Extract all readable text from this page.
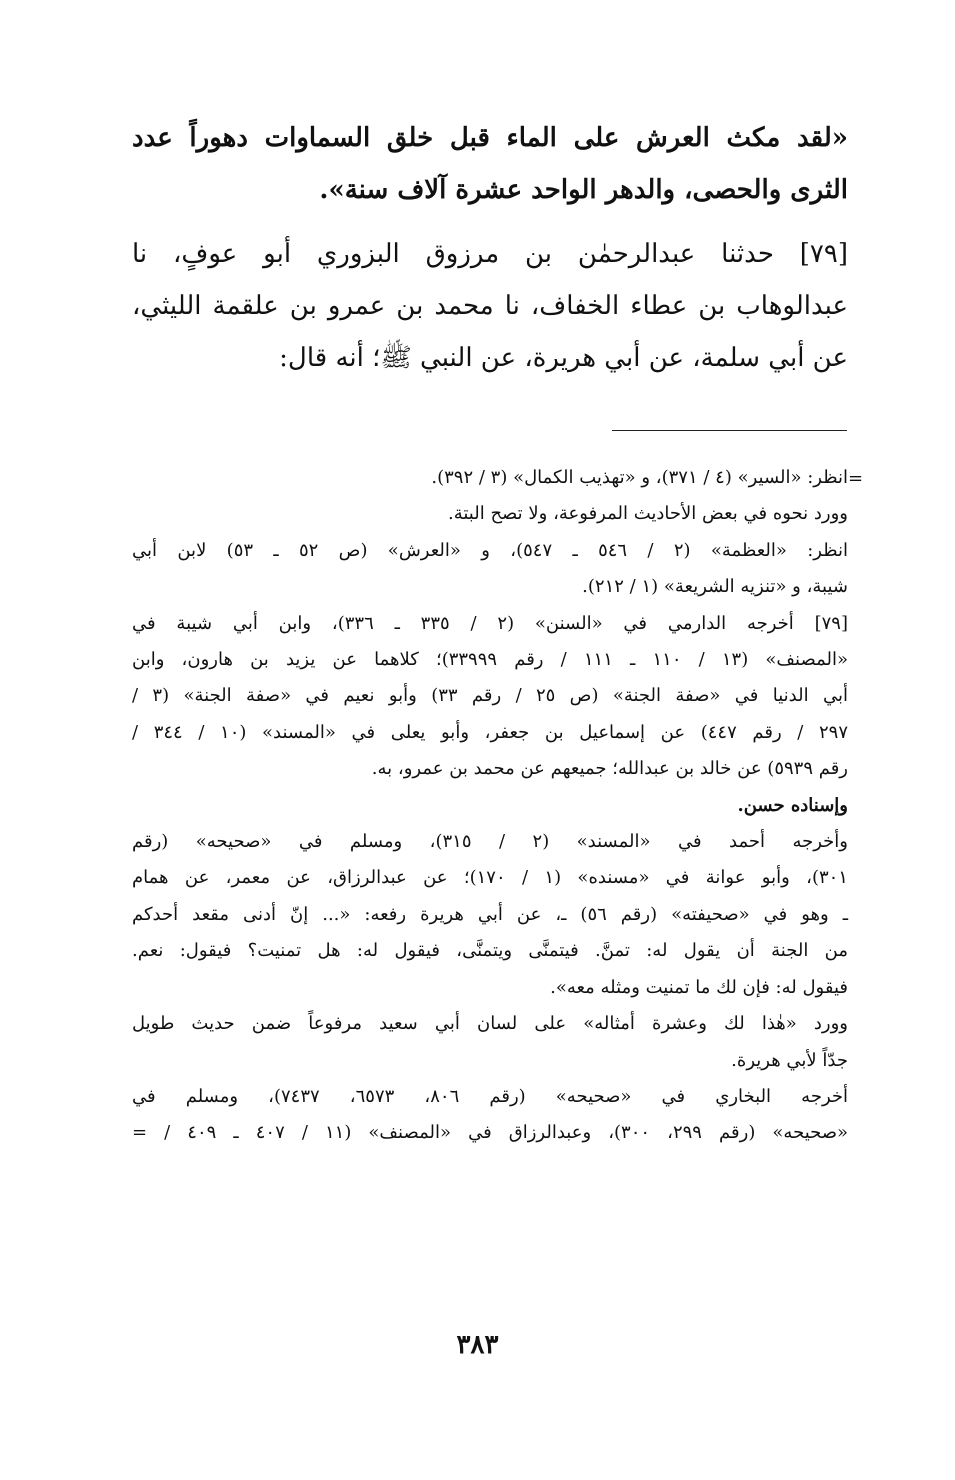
«لقد مكث العرش على الماء قبل خلق السماوات دهوراً عدد
الثرى والحصى، والدهر الواحد عشرة آلاف سنة».
[٧٩] حدثنا عبدالرحمٰن بن مرزوق البزوري أبو عوفٍ، نا
عبدالوهاب بن عطاء الخفاف، نا محمد بن عمرو بن علقمة الليثي،
عن أبي سلمة، عن أبي هريرة، عن النبي ﷺ؛ أنه قال:
=
انظر: «السير» (٤ / ٣٧١)، و «تهذيب الكمال» (٣ / ٣٩٢).
وورد نحوه في بعض الأحاديث المرفوعة، ولا تصح البتة.
انظر: «العظمة» (٢ / ٥٤٦ ـ ٥٤٧)، و «العرش» (ص ٥٢ ـ ٥٣) لابن أبي
شيبة، و «تنزيه الشريعة» (١ / ٢١٢).
[٧٩] أخرجه الدارمي في «السنن» (٢ / ٣٣٥ ـ ٣٣٦)، وابن أبي شيبة في
«المصنف» (١٣ / ١١٠ ـ ١١١ / رقم ٣٣٩٩٩)؛ كلاهما عن يزيد بن هارون، وابن
أبي الدنيا في «صفة الجنة» (ص ٢٥ / رقم ٣٣) وأبو نعيم في «صفة الجنة» (٣ /
٢٩٧ / رقم ٤٤٧) عن إسماعيل بن جعفر، وأبو يعلى في «المسند» (١٠ / ٣٤٤ /
رقم ٥٩٣٩) عن خالد بن عبدالله؛ جميعهم عن محمد بن عمرو، به.
وإسناده حسن.
وأخرجه أحمد في «المسند» (٢ / ٣١٥)، ومسلم في «صحيحه» (رقم
٣٠١)، وأبو عوانة في «مسنده» (١ / ١٧٠)؛ عن عبدالرزاق، عن معمر، عن همام
ـ وهو في «صحيفته» (رقم ٥٦) ـ، عن أبي هريرة رفعه: «... إنّ أدنى مقعد أحدكم
من الجنة أن يقول له: تمنَّ. فيتمنَّى ويتمنَّى، فيقول له: هل تمنيت؟ فيقول: نعم.
فيقول له: فإن لك ما تمنيت ومثله معه».
وورد «هٰذا لك وعشرة أمثاله» على لسان أبي سعيد مرفوعاً ضمن حديث طويل
جدّاً لأبي هريرة.
أخرجه البخاري في «صحيحه» (رقم ٨٠٦، ٦٥٧٣، ٧٤٣٧)، ومسلم في
«صحيحه» (رقم ٢٩٩، ٣٠٠)، وعبدالرزاق في «المصنف» (١١ / ٤٠٧ ـ ٤٠٩ / =
٣٨٣
